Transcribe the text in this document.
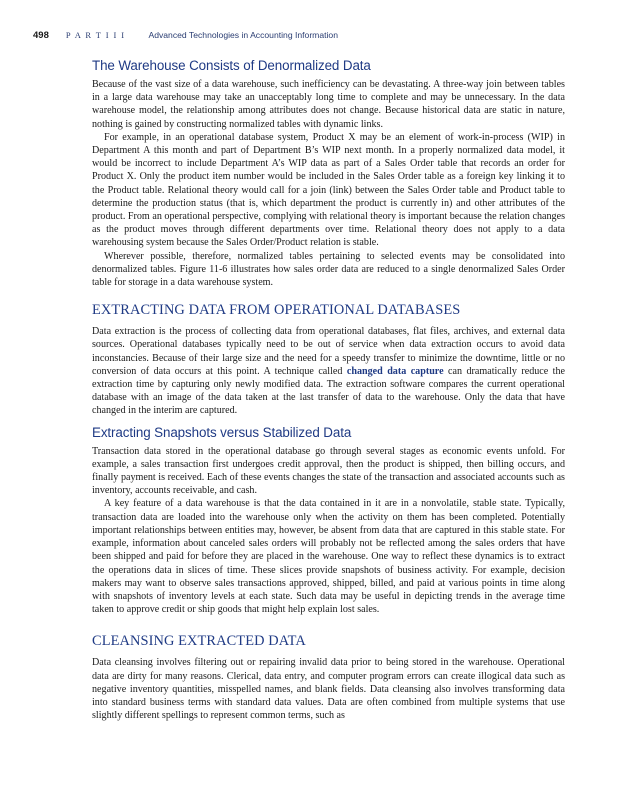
498 P A R T I I I	Advanced Technologies in Accounting Information
The Warehouse Consists of Denormalized Data

Because of the vast size of a data warehouse, such inefficiency can be devastating. A three-way join between tables in a large data warehouse may take an unacceptably long time to complete and may be unnecessary. In the data warehouse model, the relationship among attributes does not change. Because historical data are static in nature, nothing is gained by constructing normalized tables with dynamic links.

For example, in an operational database system, Product X may be an element of work-in-process (WIP) in Department A this month and part of Department B’s WIP next month. In a properly normalized data model, it would be incorrect to include Department A’s WIP data as part of a Sales Order table that records an order for Product X. Only the product item number would be included in the Sales Order table as a foreign key linking it to the Product table. Relational theory would call for a join (link) between the Sales Order table and Product table to determine the production status (that is, which department the product is currently in) and other attributes of the product. From an operational perspective, complying with relational theory is important because the relation changes as the product moves through different departments over time. Relational theory does not apply to a data warehousing system because the Sales Order/Product relation is stable.

Wherever possible, therefore, normalized tables pertaining to selected events may be consolidated into denormalized tables. Figure 11-6 illustrates how sales order data are reduced to a single denormalized Sales Order table for storage in a data warehouse system.

EXTRACTING DATA FROM OPERATIONAL DATABASES

Data extraction is the process of collecting data from operational databases, flat files, archives, and external data sources. Operational databases typically need to be out of service when data extraction occurs to avoid data inconstancies. Because of their large size and the need for a speedy transfer to minimize the downtime, little or no conversion of data occurs at this point. A technique called changed data capture can dramatically reduce the extraction time by capturing only newly modified data. The extraction software compares the current operational database with an image of the data taken at the last transfer of data to the warehouse. Only the data that have changed in the interim are captured.

Extracting Snapshots versus Stabilized Data

Transaction data stored in the operational database go through several stages as economic events unfold. For example, a sales transaction first undergoes credit approval, then the product is shipped, then billing occurs, and finally payment is received. Each of these events changes the state of the transaction and associated accounts such as inventory, accounts receivable, and cash.

A key feature of a data warehouse is that the data contained in it are in a nonvolatile, stable state. Typically, transaction data are loaded into the warehouse only when the activity on them has been completed. Potentially important relationships between entities may, however, be absent from data that are captured in this stable state. For example, information about canceled sales orders will probably not be reflected among the sales orders that have been shipped and paid for before they are placed in the warehouse. One way to reflect these dynamics is to extract the operations data in slices of time. These slices provide snapshots of business activity. For example, decision makers may want to observe sales transactions approved, shipped, billed, and paid at various points in time along with snapshots of inventory levels at each state. Such data may be useful in depicting trends in the average time taken to approve credit or ship goods that might help explain lost sales.

CLEANSING EXTRACTED DATA

Data cleansing involves filtering out or repairing invalid data prior to being stored in the warehouse. Operational data are dirty for many reasons. Clerical, data entry, and computer program errors can create illogical data such as negative inventory quantities, misspelled names, and blank fields. Data cleansing also involves transforming data into standard business terms with standard data values. Data are often combined from multiple systems that use slightly different spellings to represent common terms, such as
